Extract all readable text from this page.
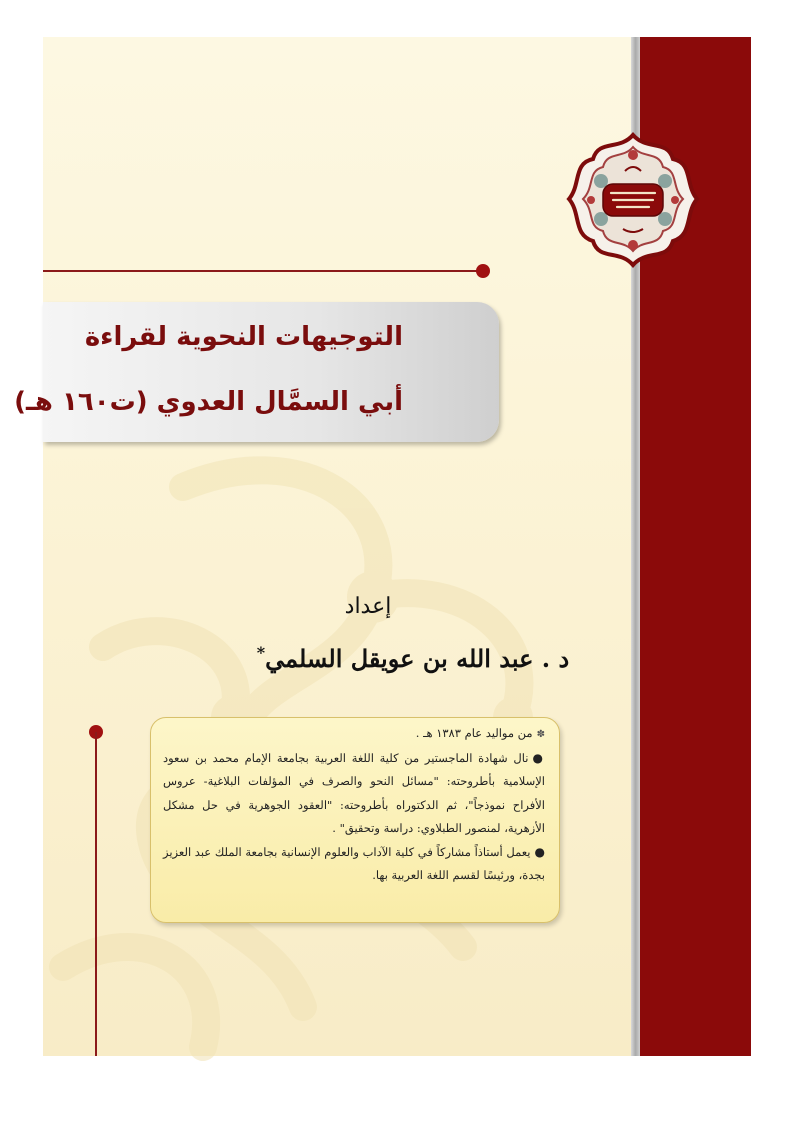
التوجيهات النحوية لقراءة
أبي السمَّال العدوي (ت١٦٠ هـ)
إعداد
د . عبد الله بن عويقل السلمي*

✽من مواليد عام ١٣٨٣ هـ .

●نال شهادة الماجستير من كلية اللغة العربية بجامعة الإمام محمد بن سعود الإسلامية بأطروحته: "مسائل النحو والصرف في المؤلفات البلاغية- عروس الأفراح نموذجاً"، ثم الدكتوراه بأطروحته: "العقود الجوهرية في حل مشكل الأزهرية، لمنصور الطبلاوي: دراسة وتحقيق" .

●يعمل أستاذاً مشاركاً في كلية الآداب والعلوم الإنسانية بجامعة الملك عبد العزيز بجدة، ورئيسًا لقسم اللغة العربية بها.
